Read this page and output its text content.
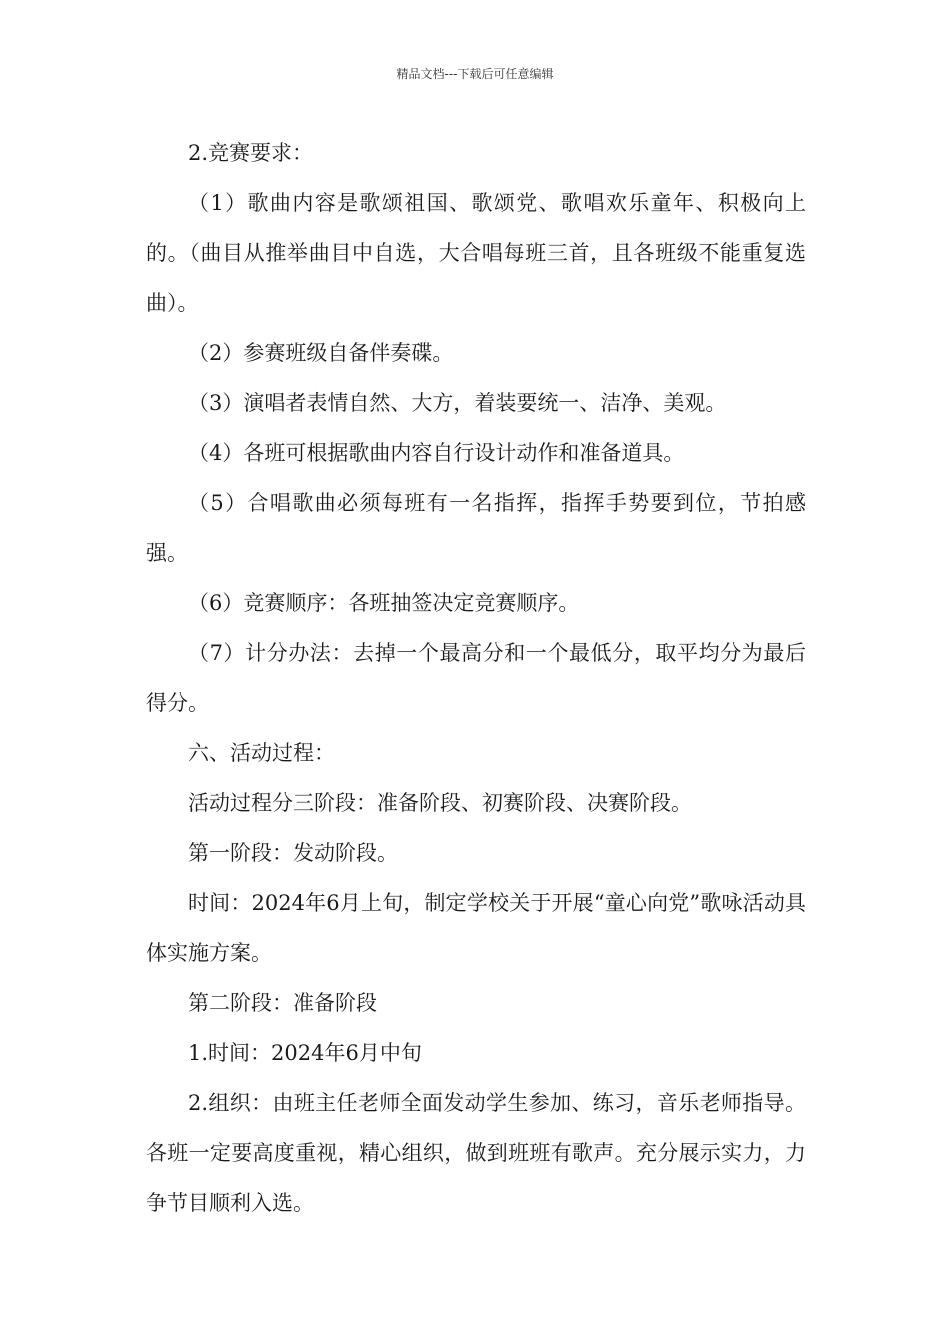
精品文档---下载后可任意编辑

2.竞赛要求：

（1）歌曲内容是歌颂祖国、歌颂党、歌唱欢乐童年、积极向上的。（曲目从推举曲目中自选，大合唱每班三首，且各班级不能重复选曲）。

（2）参赛班级自备伴奏碟。

（3）演唱者表情自然、大方，着装要统一、洁净、美观。

（4）各班可根据歌曲内容自行设计动作和准备道具。

（5）合唱歌曲必须每班有一名指挥，指挥手势要到位，节拍感强。

（6）竞赛顺序：各班抽签决定竞赛顺序。

（7）计分办法：去掉一个最高分和一个最低分，取平均分为最后得分。

六、活动过程：

活动过程分三阶段：准备阶段、初赛阶段、决赛阶段。

第一阶段：发动阶段。

时间：2024年6月上旬，制定学校关于开展“童心向党”歌咏活动具体实施方案。

第二阶段：准备阶段

1.时间：2024年6月中旬

2.组织：由班主任老师全面发动学生参加、练习，音乐老师指导。各班一定要高度重视，精心组织，做到班班有歌声。充分展示实力，力争节目顺利入选。
